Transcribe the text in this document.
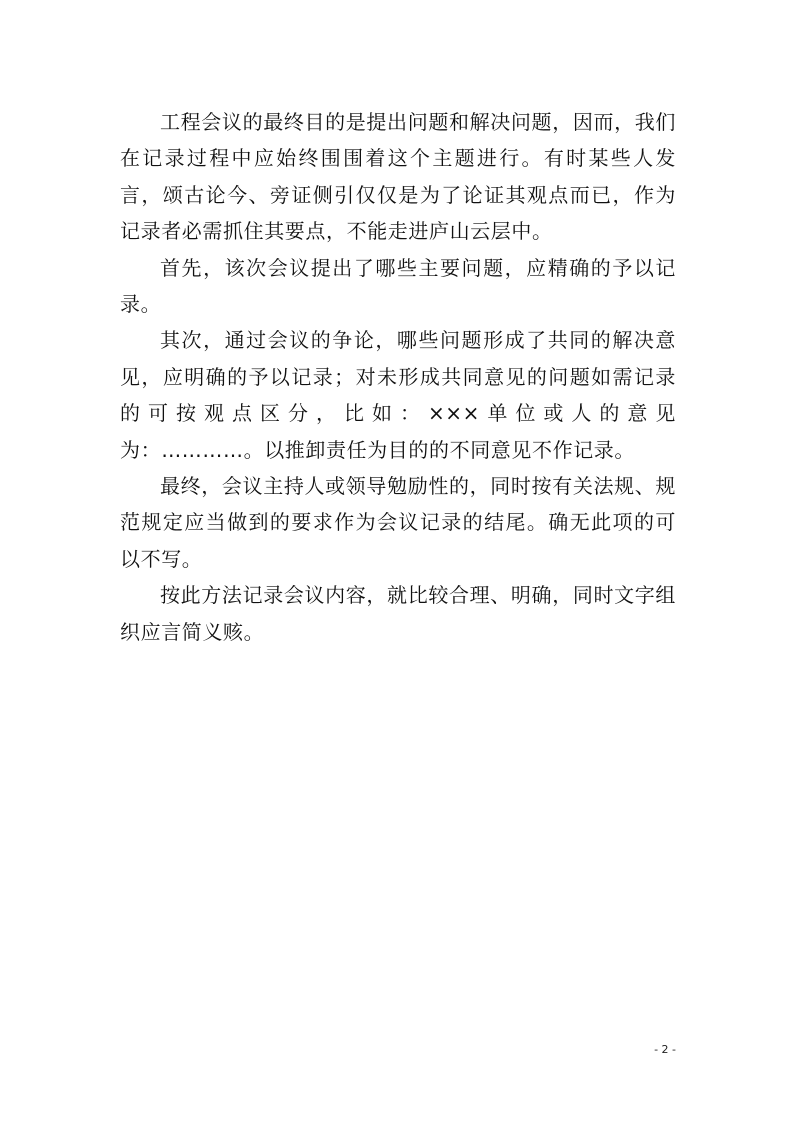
工程会议的最终目的是提出问题和解决问题，因而，我们在记录过程中应始终围围着这个主题进行。有时某些人发言，颂古论今、旁证侧引仅仅是为了论证其观点而已，作为记录者必需抓住其要点，不能走进庐山云层中。

首先，该次会议提出了哪些主要问题，应精确的予以记录。

其次，通过会议的争论，哪些问题形成了共同的解决意见，应明确的予以记录；对未形成共同意见的问题如需记录的可按观点区分，比如：×××单位或人的意见为：…………。以推卸责任为目的的不同意见不作记录。

最终，会议主持人或领导勉励性的，同时按有关法规、规范规定应当做到的要求作为会议记录的结尾。确无此项的可以不写。

按此方法记录会议内容，就比较合理、明确，同时文字组织应言简义赅。

- 2 -
